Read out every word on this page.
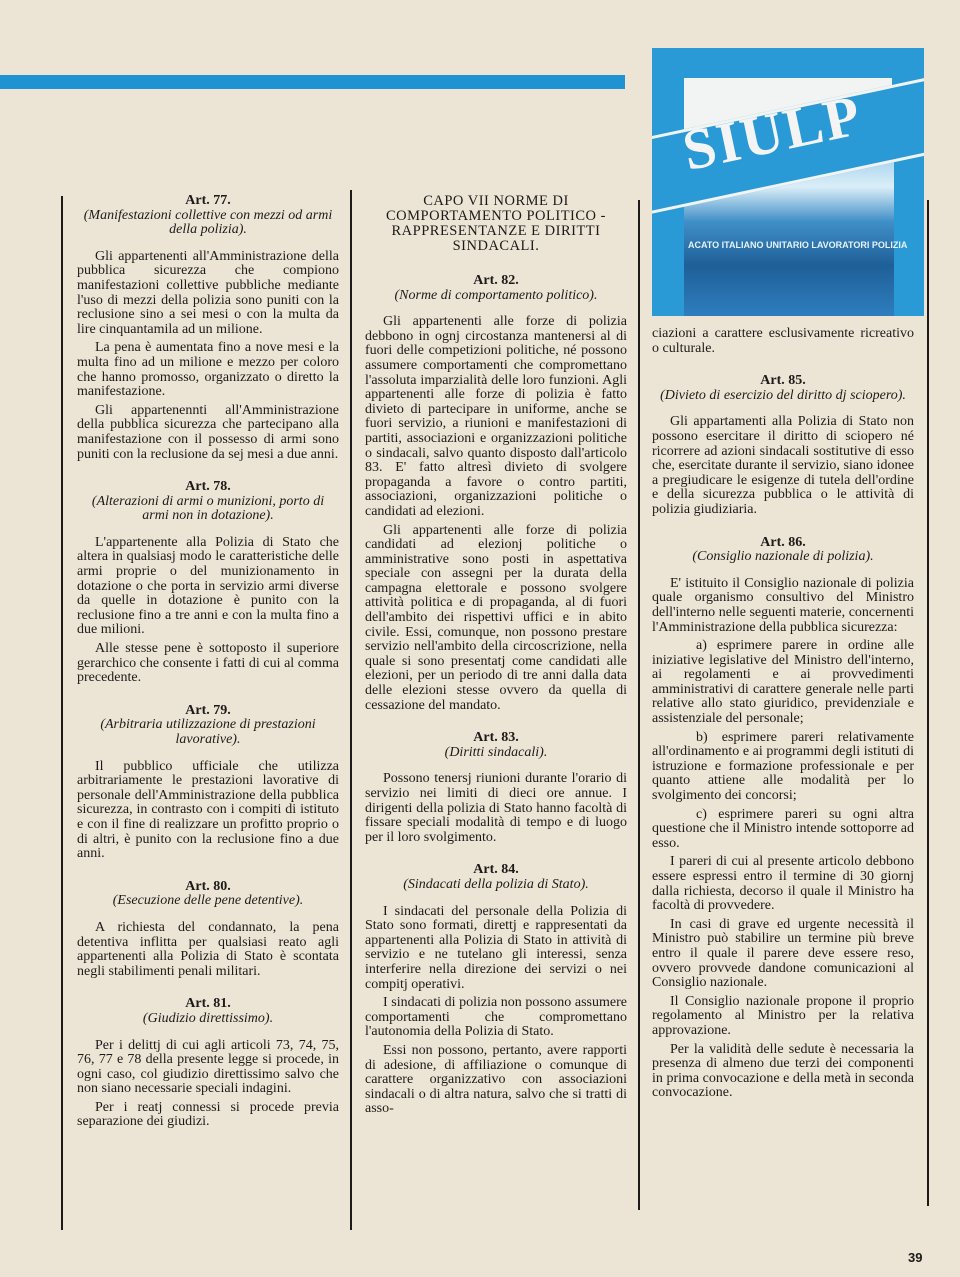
ACATO ITALIANO UNITARIO LAVORATORI POLIZIA
SIULP
Art. 77.
(Manifestazioni collettive con mezzi od armi della polizia).

Gli appartenenti all'Amministrazione della pubblica sicurezza che compiono manifestazioni collettive pubbliche mediante l'uso di mezzi della polizia sono puniti con la reclusione sino a sei mesi o con la multa da lire cinquantamila ad un milione.

La pena è aumentata fino a nove mesi e la multa fino ad un milione e mezzo per coloro che hanno promosso, organizzato o diretto la manifestazione.

Gli appartenennti all'Amministrazione della pubblica sicurezza che partecipano alla manifestazione con il possesso di armi sono puniti con la reclusione da sej mesi a due anni.

Art. 78.
(Alterazioni di armi o munizioni, porto di armi non in dotazione).

L'appartenente alla Polizia di Stato che altera in qualsiasj modo le caratteristiche delle armi proprie o del munizionamento in dotazione o che porta in servizio armi diverse da quelle in dotazione è punito con la reclusione fino a tre anni e con la multa fino a due milioni.

Alle stesse pene è sottoposto il superiore gerarchico che consente i fatti di cui al comma precedente.

Art. 79.
(Arbitraria utilizzazione di prestazioni lavorative).

Il pubblico ufficiale che utilizza arbitrariamente le prestazioni lavorative di personale dell'Amministrazione della pubblica sicurezza, in contrasto con i compiti di istituto e con il fine di realizzare un profitto proprio o di altri, è punito con la reclusione fino a due anni.

Art. 80.
(Esecuzione delle pene detentive).

A richiesta del condannato, la pena detentiva inflitta per qualsiasi reato agli appartenenti alla Polizia di Stato è scontata negli stabilimenti penali militari.

Art. 81.
(Giudizio direttissimo).

Per i delittj di cui agli articoli 73, 74, 75, 76, 77 e 78 della presente legge si procede, in ogni caso, col giudizio direttissimo salvo che non siano necessarie speciali indagini.

Per i reatj connessi si procede previa separazione dei giudizi.

CAPO VII NORME DI COMPORTAMENTO POLITICO - RAPPRESENTANZE E DIRITTI SINDACALI.
Art. 82.
(Norme di comportamento politico).

Gli appartenenti alle forze di polizia debbono in ognj circostanza mantenersi al di fuori delle competizioni politiche, né possono assumere comportamenti che compromettano l'assoluta imparzialità delle loro funzioni. Agli appartenenti alle forze di polizia è fatto divieto di partecipare in uniforme, anche se fuori servizio, a riunioni e manifestazioni di partiti, associazioni e organizzazioni politiche o sindacali, salvo quanto disposto dall'articolo 83. E' fatto altresì divieto di svolgere propaganda a favore o contro partiti, associazioni, organizzazioni politiche o candidati ad elezioni.

Gli appartenenti alle forze di polizia candidati ad elezionj politiche o amministrative sono posti in aspettativa speciale con assegni per la durata della campagna elettorale e possono svolgere attività politica e di propaganda, al di fuori dell'ambito dei rispettivi uffici e in abito civile. Essi, comunque, non possono prestare servizio nell'ambito della circoscrizione, nella quale si sono presentatj come candidati alle elezioni, per un periodo di tre anni dalla data delle elezioni stesse ovvero da quella di cessazione del mandato.

Art. 83.
(Diritti sindacali).

Possono tenersj riunioni durante l'orario di servizio nei limiti di dieci ore annue. I dirigenti della polizia di Stato hanno facoltà di fissare speciali modalità di tempo e di luogo per il loro svolgimento.

Art. 84.
(Sindacati della polizia di Stato).

I sindacati del personale della Polizia di Stato sono formati, direttj e rappresentati da appartenenti alla Polizia di Stato in attività di servizio e ne tutelano gli interessi, senza interferire nella direzione dei servizi o nei compitj operativi.

I sindacati di polizia non possono assumere comportamenti che compromettano l'autonomia della Polizia di Stato.

Essi non possono, pertanto, avere rapporti di adesione, di affiliazione o comunque di carattere organizzativo con associazioni sindacali o di altra natura, salvo che si tratti di asso-

ciazioni a carattere esclusivamente ricreativo o culturale.

Art. 85.
(Divieto di esercizio del diritto dj sciopero).

Gli appartamenti alla Polizia di Stato non possono esercitare il diritto di sciopero né ricorrere ad azioni sindacali sostitutive di esso che, esercitate durante il servizio, siano idonee a pregiudicare le esigenze di tutela dell'ordine e della sicurezza pubblica o le attività di polizia giudiziaria.

Art. 86.
(Consiglio nazionale di polizia).

E' istituito il Consiglio nazionale di polizia quale organismo consultivo del Ministro dell'interno nelle seguenti materie, concernenti l'Amministrazione della pubblica sicurezza:

a) esprimere parere in ordine alle iniziative legislative del Ministro dell'interno, ai regolamenti e ai provvedimenti amministrativi di carattere generale nelle parti relative allo stato giuridico, previdenziale e assistenziale del personale;

b) esprimere pareri relativamente all'ordinamento e ai programmi degli istituti di istruzione e formazione professionale e per quanto attiene alle modalità per lo svolgimento dei concorsi;

c) esprimere pareri su ogni altra questione che il Ministro intende sottoporre ad esso.

I pareri di cui al presente articolo debbono essere espressi entro il termine di 30 giornj dalla richiesta, decorso il quale il Ministro ha facoltà di provvedere.

In casi di grave ed urgente necessità il Ministro può stabilire un termine più breve entro il quale il parere deve essere reso, ovvero provvede dandone comunicazioni al Consiglio nazionale.

Il Consiglio nazionale propone il proprio regolamento al Ministro per la relativa approvazione.

Per la validità delle sedute è necessaria la presenza di almeno due terzi dei componenti in prima convocazione e della metà in seconda convocazione.

39
